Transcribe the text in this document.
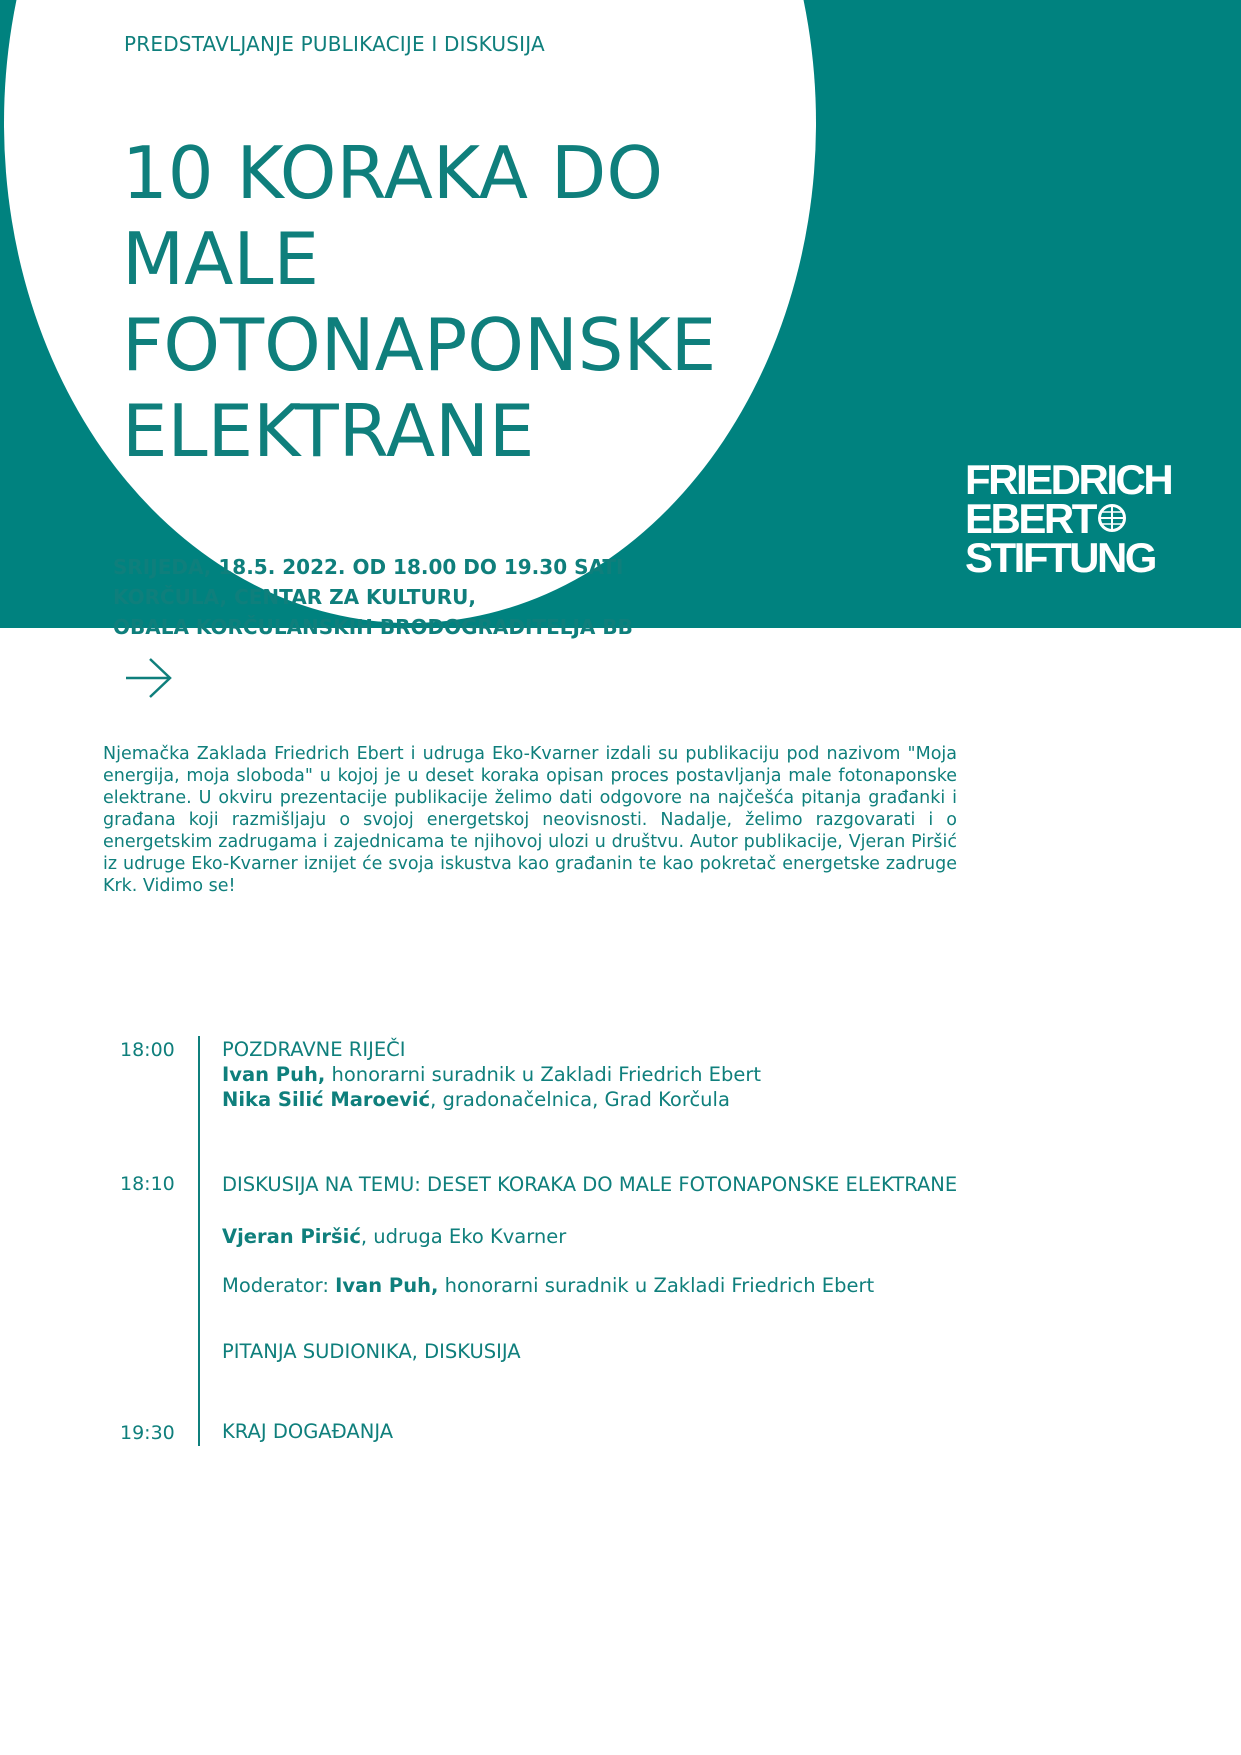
PREDSTAVLJANJE PUBLIKACIJE I DISKUSIJA
10 KORAKA DO
MALE
FOTONAPONSKE
ELEKTRANE
SRIJEDA, 18.5. 2022. OD 18.00 DO 19.30 SATI
KORČULA, CENTAR ZA KULTURU,
OBALA KORČULANSKIH BRODOGRADITELJA BB
FRIEDRICH
EBERT
STIFTUNG

Njemačka Zaklada Friedrich Ebert i udruga Eko-Kvarner izdali su publikaciju pod nazivom "Moja energija, moja sloboda" u kojoj je u deset koraka opisan proces postavljanja male fotonaponske elektrane. U okviru prezentacije publikacije želimo dati odgovore na najčešća pitanja građanki i građana koji razmišljaju o svojoj energetskoj neovisnosti. Nadalje, želimo razgovarati i o energetskim zadrugama i zajednicama te njihovoj ulozi u društvu. Autor publikacije, Vjeran Piršić iz udruge Eko-Kvarner iznijet će svoja iskustva kao građanin te kao pokretač energetske zadruge Krk. Vidimo se!

18:00 POZDRAVNE RIJEČI
Ivan Puh, honorarni suradnik u Zakladi Friedrich Ebert
Nika Silić Maroević, gradonačelnica, Grad Korčula
18:10 DISKUSIJA NA TEMU: DESET KORAKA DO MALE FOTONAPONSKE ELEKTRANE
Vjeran Piršić, udruga Eko Kvarner
Moderator: Ivan Puh, honorarni suradnik u Zakladi Friedrich Ebert
PITANJA SUDIONIKA, DISKUSIJA
19:30 KRAJ DOGAĐANJA
